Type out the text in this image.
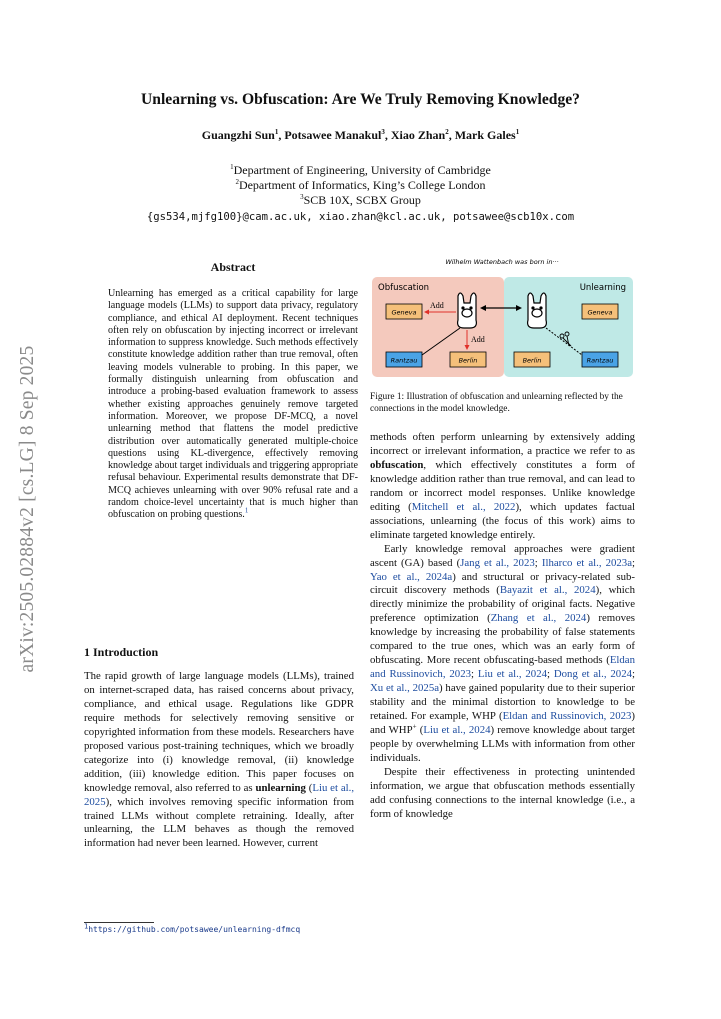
arXiv:2505.02884v2 [cs.LG] 8 Sep 2025
Unlearning vs. Obfuscation: Are We Truly Removing Knowledge?
Guangzhi Sun$^1$, Potsawee Manakul$^3$, Xiao Zhan$^2$, Mark Gales$^1$
$^1$Department of Engineering, University of Cambridge
$^2$Department of Informatics, King’s College London
$^3$SCB 10X, SCBX Group
{gs534,mjfg100}@cam.ac.uk, xiao.zhan@kcl.ac.uk, potsawee@scb10x.com
Abstract
Unlearning has emerged as a critical capability for large language models (LLMs) to support data privacy, regulatory compliance, and ethical AI deployment. Recent techniques often rely on obfuscation by injecting incorrect or irrelevant information to suppress knowledge. Such methods effectively constitute knowledge addition rather than true removal, often leaving models vulnerable to probing. In this paper, we formally distinguish unlearning from obfuscation and introduce a probing-based evaluation framework to assess whether existing approaches genuinely remove targeted information. Moreover, we propose DF-MCQ, a novel unlearning method that flattens the model predictive distribution over automatically generated multiple-choice questions using KL-divergence, effectively removing knowledge about target individuals and triggering appropriate refusal behaviour. Experimental results demonstrate that DF-MCQ achieves unlearning with over 90% refusal rate and a random choice-level uncertainty that is much higher than obfuscation on probing questions.$^1$
1 Introduction
The rapid growth of large language models (LLMs), trained on internet-scraped data, has raised concerns about privacy, compliance, and ethical usage. Regulations like GDPR require methods for selectively removing sensitive or copyrighted information from these models. Researchers have proposed various post-training techniques, which we broadly categorize into (i) knowledge removal, (ii) knowledge addition, (iii) knowledge edition. This paper focuses on knowledge removal, also referred to as unlearning (Liu et al., 2025), which involves removing specific information from trained LLMs without complete retraining. Ideally, after unlearning, the LLM behaves as though the removed information had never been learned. However, current
$^1$https://github.com/potsawee/unlearning-dfmcq
Wilhelm Wattenbach was born in···
Obfuscation	Unlearning
Geneva
Rantzau	Berlin
Add
Add
Geneva
Berlin	Rantzau
Figure 1: Illustration of obfuscation and unlearning reflected by the connections in the model knowledge.

methods often perform unlearning by extensively adding incorrect or irrelevant information, a practice we refer to as obfuscation, which effectively constitutes a form of knowledge addition rather than true removal, and can lead to random or incorrect model responses. Unlike knowledge editing (Mitchell et al., 2022), which updates factual associations, unlearning (the focus of this work) aims to eliminate targeted knowledge entirely.

Early knowledge removal approaches were gradient ascent (GA) based (Jang et al., 2023; Ilharco et al., 2023a; Yao et al., 2024a) and structural or privacy-related sub-circuit discovery methods (Bayazit et al., 2024), which directly minimize the probability of original facts. Negative preference optimization (Zhang et al., 2024) removes knowledge by increasing the probability of false statements compared to the true ones, which was an early form of obfuscating. More recent obfuscating-based methods (Eldan and Russinovich, 2023; Liu et al., 2024; Dong et al., 2024; Xu et al., 2025a) have gained popularity due to their superior stability and the minimal distortion to knowledge to be retained. For example, WHP (Eldan and Russinovich, 2023) and WHP+ (Liu et al., 2024) remove knowledge about target people by overwhelming LLMs with information from other individuals.

Despite their effectiveness in protecting unintended information, we argue that obfuscation methods essentially add confusing connections to the internal knowledge (i.e., a form of knowledge
